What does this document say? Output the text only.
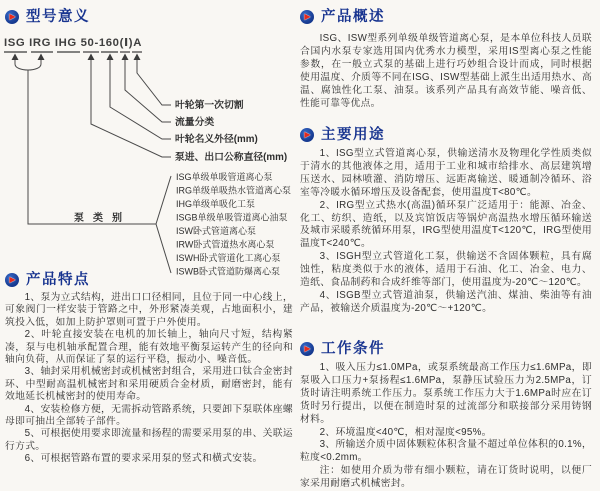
▶ 型号意义
ISG IRG IHG 50-160(Ⅰ)A
叶轮第一次切割
流量分类
叶轮名义外径(mm)
泵进、出口公称直径(mm)
泵类别
ISG单级单吸管道离心泵
IRG单级单吸热水管道离心泵
IHG单级单吸化工泵
ISGB单级单吸管道离心油泵
ISW卧式管道离心泵
IRW卧式管道热水离心泵
ISWH卧式管道化工离心泵
ISWB卧式管道防爆离心泵
▶ 产品特点

1、泵为立式结构，进出口口径相同，且位于同一中心线上，可象阀门一样安装于管路之中，外形紧凑美观，占地面积小，建筑投入低，如加上防护罩则可置于户外使用。

2、叶轮直接安装在电机的加长轴上，轴向尺寸短，结构紧凑，泵与电机轴承配置合理，能有效地平衡泵运转产生的径向和轴向负荷，从而保证了泵的运行平稳，振动小、噪音低。

3、轴封采用机械密封或机械密封组合，采用进口钛合金密封环、中型耐高温机械密封和采用硬质合金材质，耐磨密封，能有效地延长机械密封的使用寿命。

4、安装检修方便，无需拆动管路系统，只要卸下泵联体座螺母即可抽出全部转子部件。

5、可根据使用要求即流量和扬程的需要采用泵的串、关联运行方式。

6、可根据管路布置的要求采用泵的竖式和横式安装。

▶ 产品概述

ISG、ISW型系列单级单级管道离心泵，是本单位科技人员联合国内水泵专家选用国内优秀水力模型，采用IS型离心泵之性能参数，在一般立式泵的基础上进行巧妙组合设计而成，同时根据使用温度、介质等不同在ISG、ISW型基础上派生出适用热水、高温、腐蚀性化工泵、油泵。该系列产品具有高效节能、噪音低、性能可靠等优点。

▶ 主要用途

1、ISG型立式管道离心泵，供输送清水及物理化学性质类似于清水的其他液体之用，适用于工业和城市给排水、高层建筑增压送水、园林喷灌、消防增压、远距离输送、暖通制冷循环、浴室等冷暖水循环增压及设备配套，使用温度T<80℃。

2、IRG型立式热水(高温)循环泵广泛适用于：能源、冶金、化工、纺织、造纸，以及宾馆饭店等锅炉高温热水增压循环输送及城市采暖系统循环用泵，IRG型使用温度T<120℃，IRG型使用温度T<240℃。

3、ISGH型立式管道化工泵，供输送不含固体颗粒，具有腐蚀性，粘度类似于水的液体，适用于石油、化工、冶金、电力、造纸、食品制药和合成纤维等部门，使用温度为-20℃～120℃。

4、ISGB型立式管道油泵，供输送汽油、煤油、柴油等有油产品，被输送介质温度为-20℃～+120℃。

▶ 工作条件

1、吸入压力≤1.0MPa，或泵系统最高工作压力≤1.6MPa，即泵吸入口压力+泵扬程≤1.6MPa，泵静压试验压力为2.5MPa，订货时请注明系统工作压力。泵系统工作压力大于1.6MPa时应在订货时另行提出，以便在制造时泵的过流部分和联接部分采用铸钢材料。

2、环境温度<40℃，相对湿度<95%。

3、所输送介质中固体颗粒体积含量不超过单位体积的0.1%，粒度<0.2mm。

注：如使用介质为带有细小颗粒，请在订货时说明，以便厂家采用耐磨式机械密封。
